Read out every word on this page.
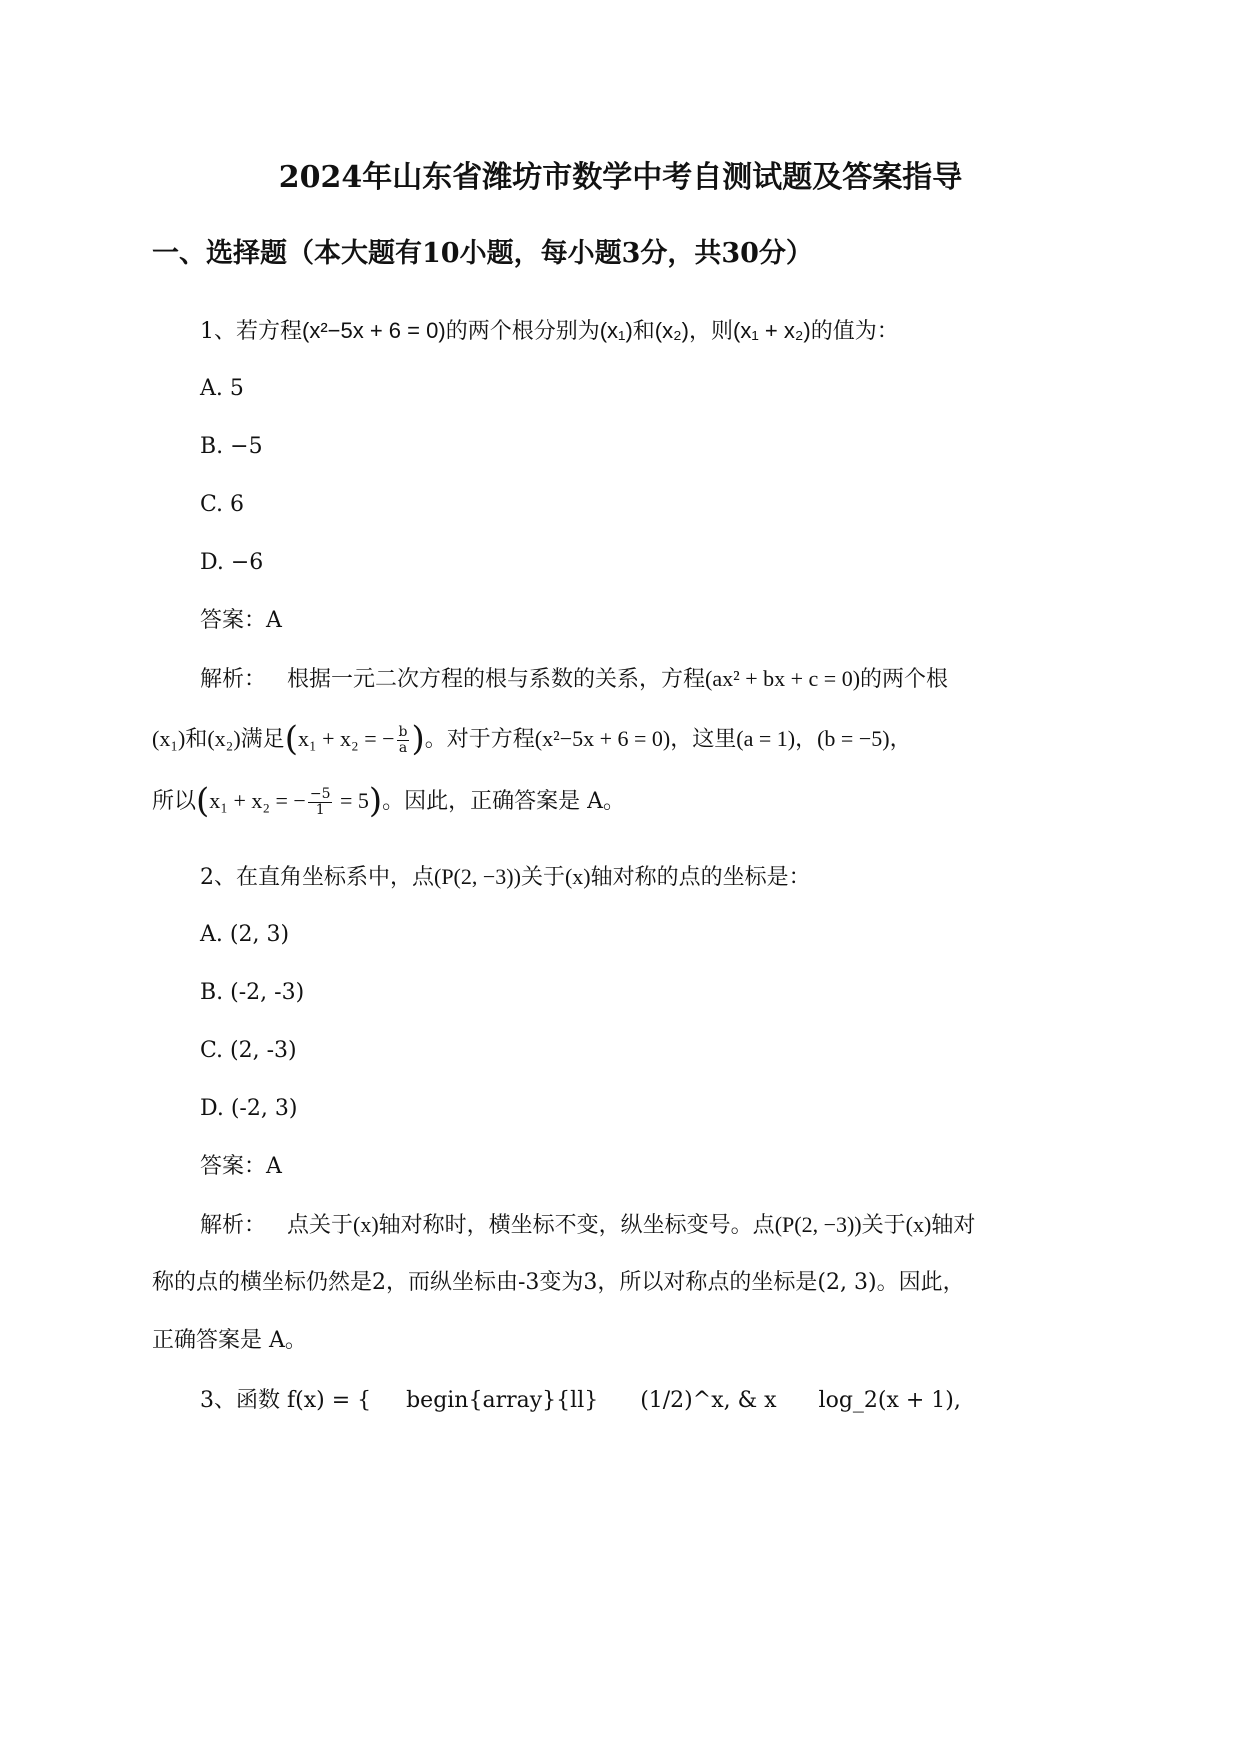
2024年山东省潍坊市数学中考自测试题及答案指导
一、选择题（本大题有10小题，每小题3分，共30分）
1、若方程(x²−5x + 6 = 0)的两个根分别为(x₁)和(x₂)，则(x₁ + x₂)的值为：
A. 5
B. −5
C. 6
D. −6
答案：A
解析： 根据一元二次方程的根与系数的关系，方程(ax² + bx + c = 0)的两个根
(x₁)和(x₂)满足(x₁ + x₂ = − $\frac{b}{a}$ )。对于方程(x²−5x + 6 = 0)，这里(a = 1)，(b = −5)，
所以(x₁ + x₂ = − $\frac{-5}{1} = 5$)。因此，正确答案是 A。
2、在直角坐标系中，点(P(2, −3))关于(x)轴对称的点的坐标是：
A. (2, 3)
B. (-2, -3)
C. (2, -3)
D. (-2, 3)
答案：A
解析： 点关于(x)轴对称时，横坐标不变，纵坐标变号。点(P(2, −3))关于(x)轴对
称的点的横坐标仍然是2，而纵坐标由-3变为3，所以对称点的坐标是(2, 3)。因此，
正确答案是 A。
3、函数 f(x) = {     begin{array}{ll}      (1/2)^x, & x      log_2(x + 1),
